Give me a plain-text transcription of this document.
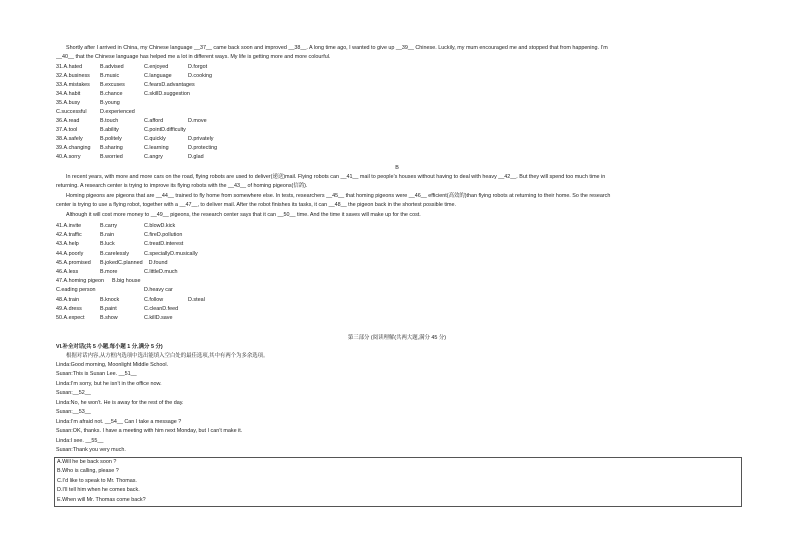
Shortly after I arrived in China, my Chinese language __37__ came back soon and improved __38__. A long time ago, I wanted to give up __39__ Chinese. Luckily, my mum encouraged me and stopped that from happening. I’m
__40__ that the Chinese language has helped me a lot in different ways. My life is getting more and more colourful.
31.A.hated	B.advised	C.enjoyed	D.forgot
32.A.business B.music	C.language	D.cooking
33.A.mistakes B.excuses	C.fearsD.advantages
34.A.habit	B.chance	C.skillD.suggestion
35.A.busy	B.young
C.successful D.experienced
36.A.read	B.touch	C.afford	D.move
37.A.tool	B.ability	C.pointD.difficulty
38.A.safely	B.politely	C.quickly	D.privately
39.A.changing B.sharing	C.learning	D.protecting
40.A.sorry	B.worried	C.angry	D.glad
B
In recent years, with more and more cars on the road, flying robots are used to deliver(递送)mail. Flying robots can __41__ mail to people’s houses without having to deal with heavy __42__. But they will spend too much time in
returning. A research center is trying to improve its flying robots with the __43__ of homing pigeons(信鸽).
Homing pigeons are pigeons that are __44__ trained to fly home from somewhere else. In tests, researchers __45__ that homing pigeons were __46__ efficient(高效的)than flying robots at returning to their home. So the research
center is trying to use a flying robot, together with a __47__, to deliver mail. After the robot finishes its tasks, it can __48__ the pigeon back in the shortest possible time.
Although it will cost more money to __49__ pigeons, the research center says that it can __50__ time. And the time it saves will make up for the cost.
41.A.invite	B.carry	C.blowD.kick
42.A.traffic	B.rain	C.fireD.pollution
43.A.help	B.luck	C.treatD.interest
44.A.poorly	B.carelessly	C.speciallyD.musically
45.A.promised B.jokedC.planned D.found
46.A.less	B.more	C.littleD.much
47.A.homing pigeon B.big house
C.eading person	D.heavy car
48.A.train	B.knock	C.follow	D.steal
49.A.dress	B.paint	C.cleanD.feed
50.A.expect	B.show	C.killD.save
第三部分 (阅读理解(共两大题,满分 45 分)
VI.补全对话(共 5 小题,每小题 1 分,满分 5 分)
根据对话内容,从方框内选项中选出能填入空白处的最佳选项,其中有两个为多余选项。
Linda:Good morning, Moonlight Middle School.
Susan:This is Susan Lee. __51__
Linda:I’m sorry, but he isn’t in the office now.
Susan:__52__
Linda:No, he won’t. He is away for the rest of the day.
Susan:__53__
Linda:I’m afraid not. __54__ Can I take a message ?
Susan:OK, thanks. I have a meeting with him next Monday, but I can’t make it.
Linda:I see. __55__
Susan:Thank you very much.
A.Will he be back soon ?
B.Who is calling, please ?
C.I’d like to speak to Mr. Thomas.
D.I’ll tell him when he comes back.
E.When will Mr. Thomas come back?
